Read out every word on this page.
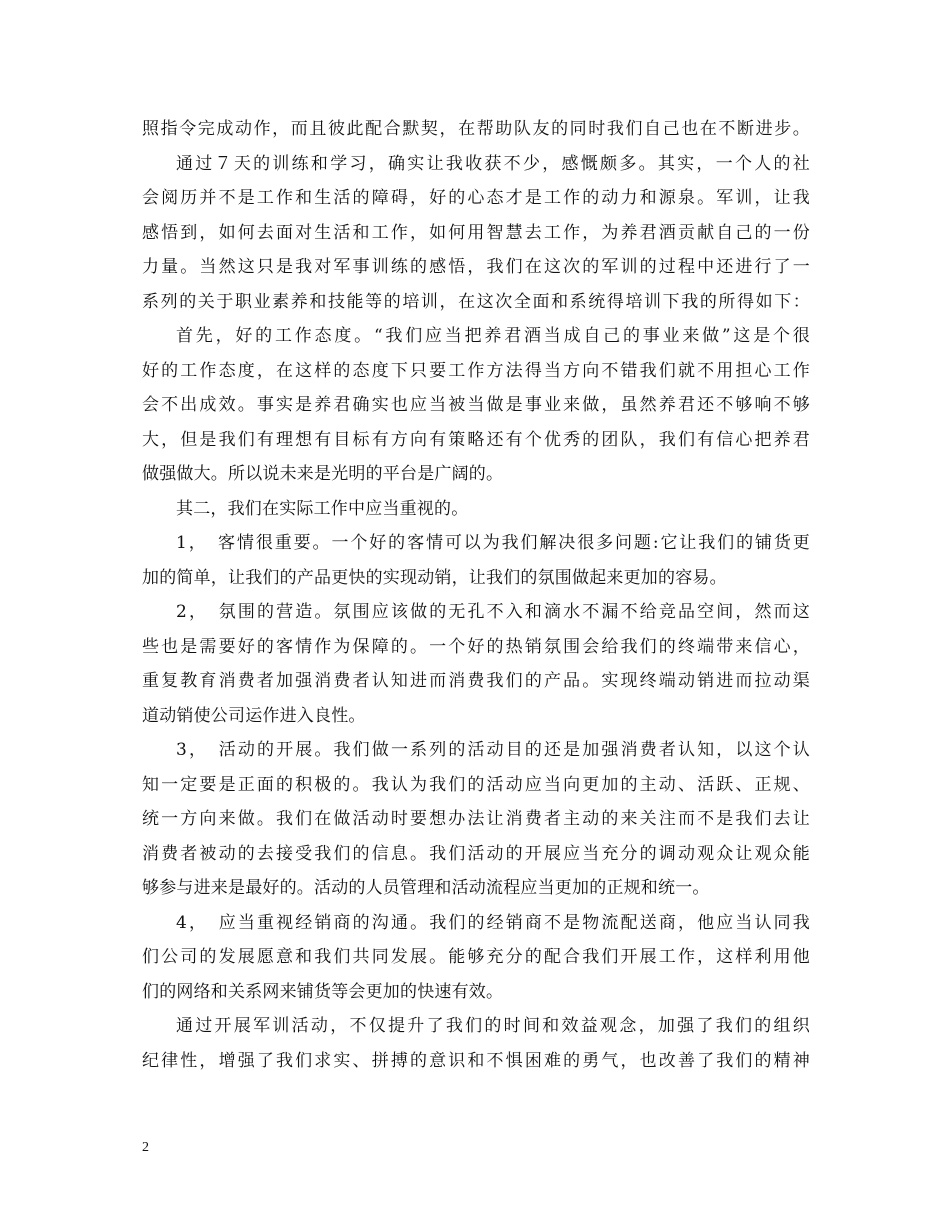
照指令完成动作，而且彼此配合默契，在帮助队友的同时我们自己也在不断进步。
通过７天的训练和学习，确实让我收获不少，感慨颇多。其实，一个人的社
会阅历并不是工作和生活的障碍，好的心态才是工作的动力和源泉。军训，让我
感悟到，如何去面对生活和工作，如何用智慧去工作，为养君酒贡献自己的一份
力量。当然这只是我对军事训练的感悟，我们在这次的军训的过程中还进行了一
系列的关于职业素养和技能等的培训，在这次全面和系统得培训下我的所得如下：
首先，好的工作态度。“我们应当把养君酒当成自己的事业来做”这是个很
好的工作态度，在这样的态度下只要工作方法得当方向不错我们就不用担心工作
会不出成效。事实是养君确实也应当被当做是事业来做，虽然养君还不够响不够
大，但是我们有理想有目标有方向有策略还有个优秀的团队，我们有信心把养君
做强做大。所以说未来是光明的平台是广阔的。
其二，我们在实际工作中应当重视的。
1，　客情很重要。一个好的客情可以为我们解决很多问题:它让我们的铺货更
加的简单，让我们的产品更快的实现动销，让我们的氛围做起来更加的容易。
2，　氛围的营造。氛围应该做的无孔不入和滴水不漏不给竞品空间，然而这
些也是需要好的客情作为保障的。一个好的热销氛围会给我们的终端带来信心，
重复教育消费者加强消费者认知进而消费我们的产品。实现终端动销进而拉动渠
道动销使公司运作进入良性。
3，　活动的开展。我们做一系列的活动目的还是加强消费者认知，以这个认
知一定要是正面的积极的。我认为我们的活动应当向更加的主动、活跃、正规、
统一方向来做。我们在做活动时要想办法让消费者主动的来关注而不是我们去让
消费者被动的去接受我们的信息。我们活动的开展应当充分的调动观众让观众能
够参与进来是最好的。活动的人员管理和活动流程应当更加的正规和统一。
4，　应当重视经销商的沟通。我们的经销商不是物流配送商，他应当认同我
们公司的发展愿意和我们共同发展。能够充分的配合我们开展工作，这样利用他
们的网络和关系网来铺货等会更加的快速有效。
通过开展军训活动，不仅提升了我们的时间和效益观念，加强了我们的组织
纪律性，增强了我们求实、拼搏的意识和不惧困难的勇气，也改善了我们的精神
2
